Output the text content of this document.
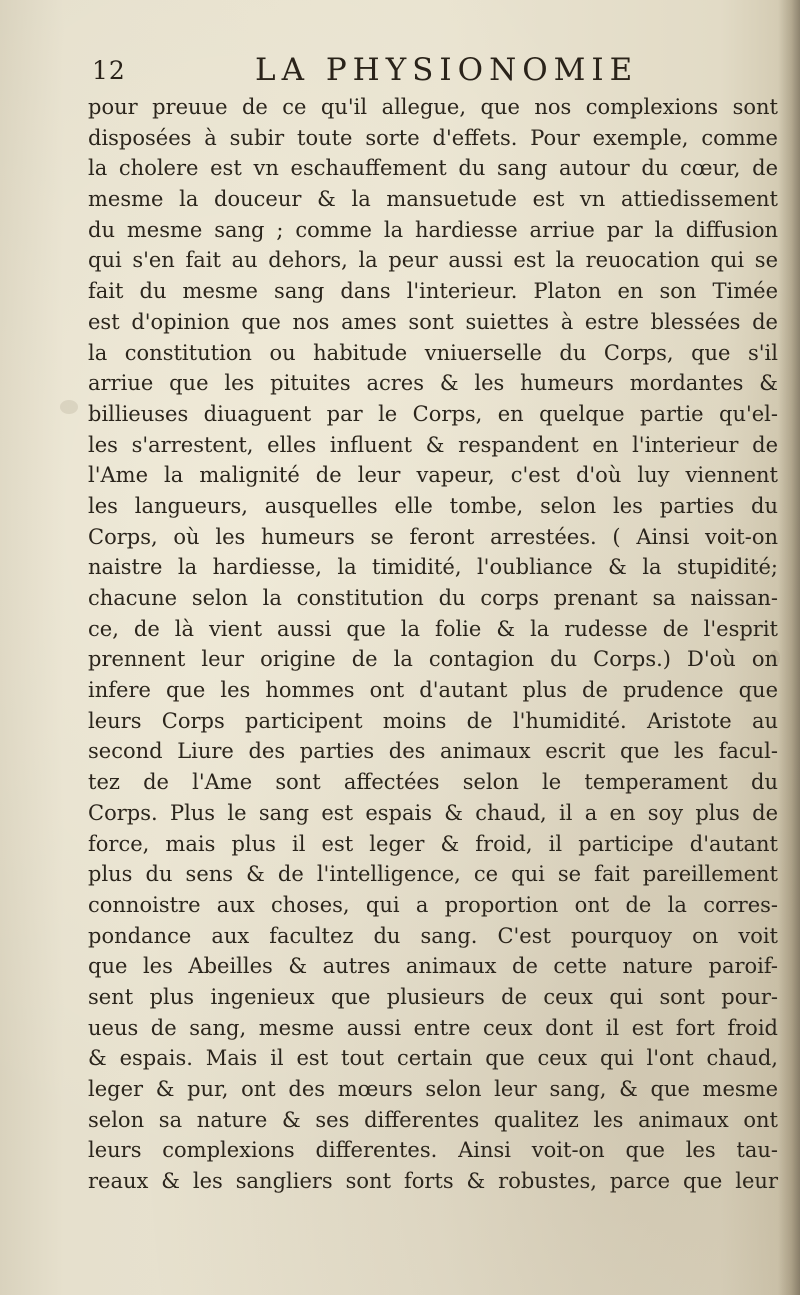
12	LA PHYSIONOMIE
pour preuue de ce qu'il allegue, que nos complexions sont
disposées à subir toute sorte d'effets. Pour exemple, comme
la cholere est vn eschauffement du sang autour du cœur, de
mesme la douceur & la mansuetude est vn attiedissement
du mesme sang ; comme la hardiesse arriue par la diffusion
qui s'en fait au dehors, la peur aussi est la reuocation qui se
fait du mesme sang dans l'interieur. Platon en son Timée
est d'opinion que nos ames sont suiettes à estre blessées de
la constitution ou habitude vniuerselle du Corps, que s'il
arriue que les pituites acres & les humeurs mordantes &
billieuses diuaguent par le Corps, en quelque partie qu'el-
les s'arrestent, elles influent & respandent en l'interieur de
l'Ame la malignité de leur vapeur, c'est d'où luy viennent
les langueurs, ausquelles elle tombe, selon les parties du
Corps, où les humeurs se feront arrestées. ( Ainsi voit-on
naistre la hardiesse, la timidité, l'oubliance & la stupidité;
chacune selon la constitution du corps prenant sa naissan-
ce, de là vient aussi que la folie & la rudesse de l'esprit
prennent leur origine de la contagion du Corps.) D'où on
infere que les hommes ont d'autant plus de prudence que
leurs Corps participent moins de l'humidité. Aristote au
second Liure des parties des animaux escrit que les facul-
tez de l'Ame sont affectées selon le temperament du
Corps. Plus le sang est espais & chaud, il a en soy plus de
force, mais plus il est leger & froid, il participe d'autant
plus du sens & de l'intelligence, ce qui se fait pareillement
connoistre aux choses, qui a proportion ont de la corres-
pondance aux facultez du sang. C'est pourquoy on voit
que les Abeilles & autres animaux de cette nature paroif-
sent plus ingenieux que plusieurs de ceux qui sont pour-
ueus de sang, mesme aussi entre ceux dont il est fort froid
& espais. Mais il est tout certain que ceux qui l'ont chaud,
leger & pur, ont des mœurs selon leur sang, & que mesme
selon sa nature & ses differentes qualitez les animaux ont
leurs complexions differentes. Ainsi voit-on que les tau-
reaux & les sangliers sont forts & robustes, parce que leur
